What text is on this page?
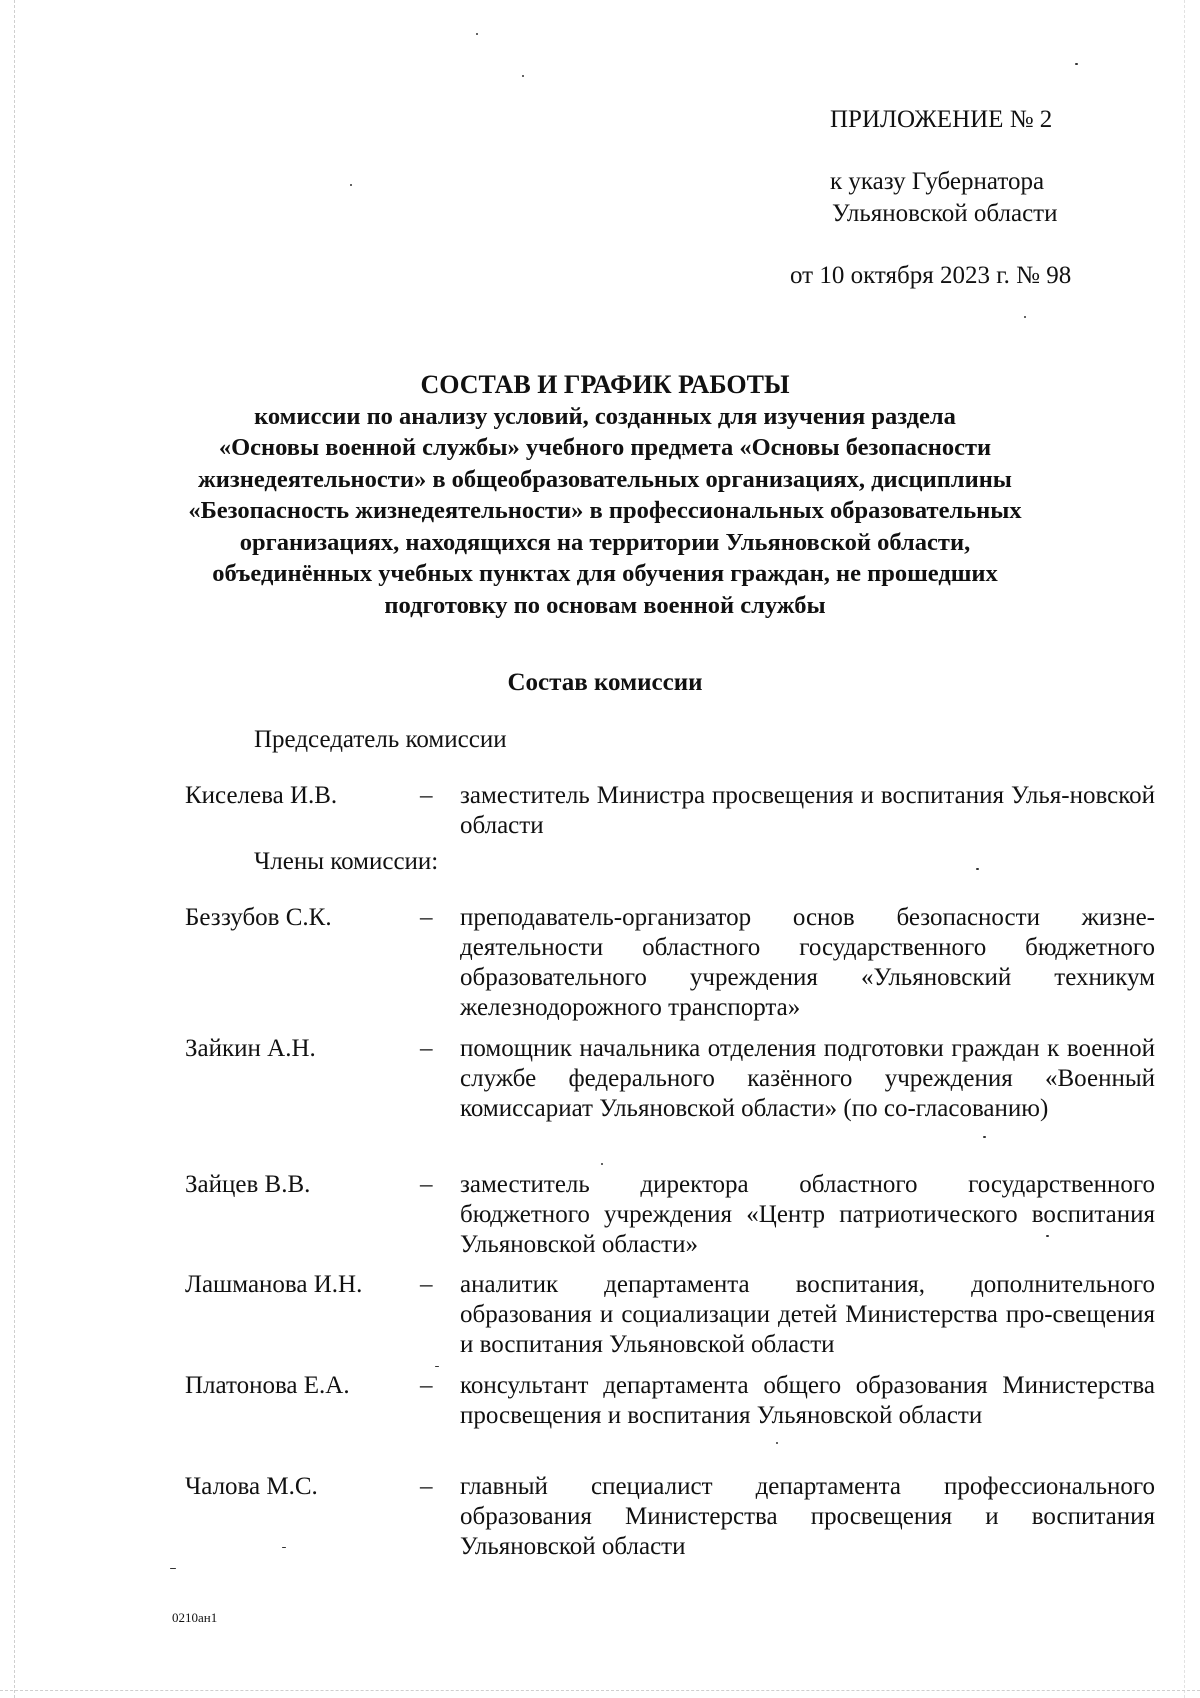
ПРИЛОЖЕНИЕ № 2
к указу Губернатора
Ульяновской области
от 10 октября 2023 г. № 98
СОСТАВ И ГРАФИК РАБОТЫ
комиссии по анализу условий, созданных для изучения раздела
«Основы военной службы» учебного предмета «Основы безопасности
жизнедеятельности» в общеобразовательных организациях, дисциплины
«Безопасность жизнедеятельности» в профессиональных образовательных
организациях, находящихся на территории Ульяновской области,
объединённых учебных пунктах для обучения граждан, не прошедших
подготовку по основам военной службы
Состав комиссии
Председатель комиссии
Киселева И.В.	– заместитель Министра просвещения и воспитания Улья-новской области
Члены комиссии:
Беззубов С.К.	– преподаватель-организатор основ безопасности жизне-деятельности областного государственного бюджетного образовательного учреждения «Ульяновский техникум железнодорожного транспорта»
Зайкин А.Н.	– помощник начальника отделения подготовки граждан к военной службе федерального казённого учреждения «Военный комиссариат Ульяновской области» (по со-гласованию)
Зайцев В.В.	– заместитель директора областного государственного бюджетного учреждения «Центр патриотического воспитания Ульяновской области»
Лашманова И.Н. – аналитик департамента воспитания, дополнительного образования и социализации детей Министерства про-свещения и воспитания Ульяновской области
Платонова Е.А.	– консультант департамента общего образования Министерства просвещения и воспитания Ульяновской области
Чалова М.С.	– главный специалист департамента профессионального образования Министерства просвещения и воспитания Ульяновской области
0210ан1
